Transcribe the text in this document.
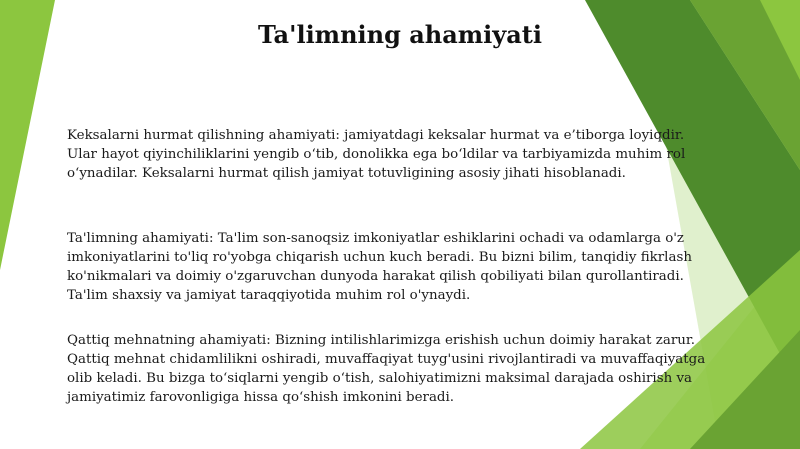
Ta'limning ahamiyati

Keksalarni hurmat qilishning ahamiyati: jamiyatdagi keksalar hurmat va e’tiborga loyiqdir.
Ular hayot qiyinchiliklarini yengib o‘tib, donolikka ega bo‘ldilar va tarbiyamizda muhim rol
o‘ynadilar. Keksalarni hurmat qilish jamiyat totuvligining asosiy jihati hisoblanadi.

Ta'limning ahamiyati: Ta'lim son-sanoqsiz imkoniyatlar eshiklarini ochadi va odamlarga o'z
imkoniyatlarini to'liq ro'yobga chiqarish uchun kuch beradi. Bu bizni bilim, tanqidiy fikrlash
ko'nikmalari va doimiy o'zgaruvchan dunyoda harakat qilish qobiliyati bilan qurollantiradi.
Ta'lim shaxsiy va jamiyat taraqqiyotida muhim rol o'ynaydi.

Qattiq mehnatning ahamiyati: Bizning intilishlarimizga erishish uchun doimiy harakat zarur.
Qattiq mehnat chidamlilikni oshiradi, muvaffaqiyat tuyg'usini rivojlantiradi va muvaffaqiyatga
olib keladi. Bu bizga to‘siqlarni yengib o‘tish, salohiyatimizni maksimal darajada oshirish va
jamiyatimiz farovonligiga hissa qo‘shish imkonini beradi.
